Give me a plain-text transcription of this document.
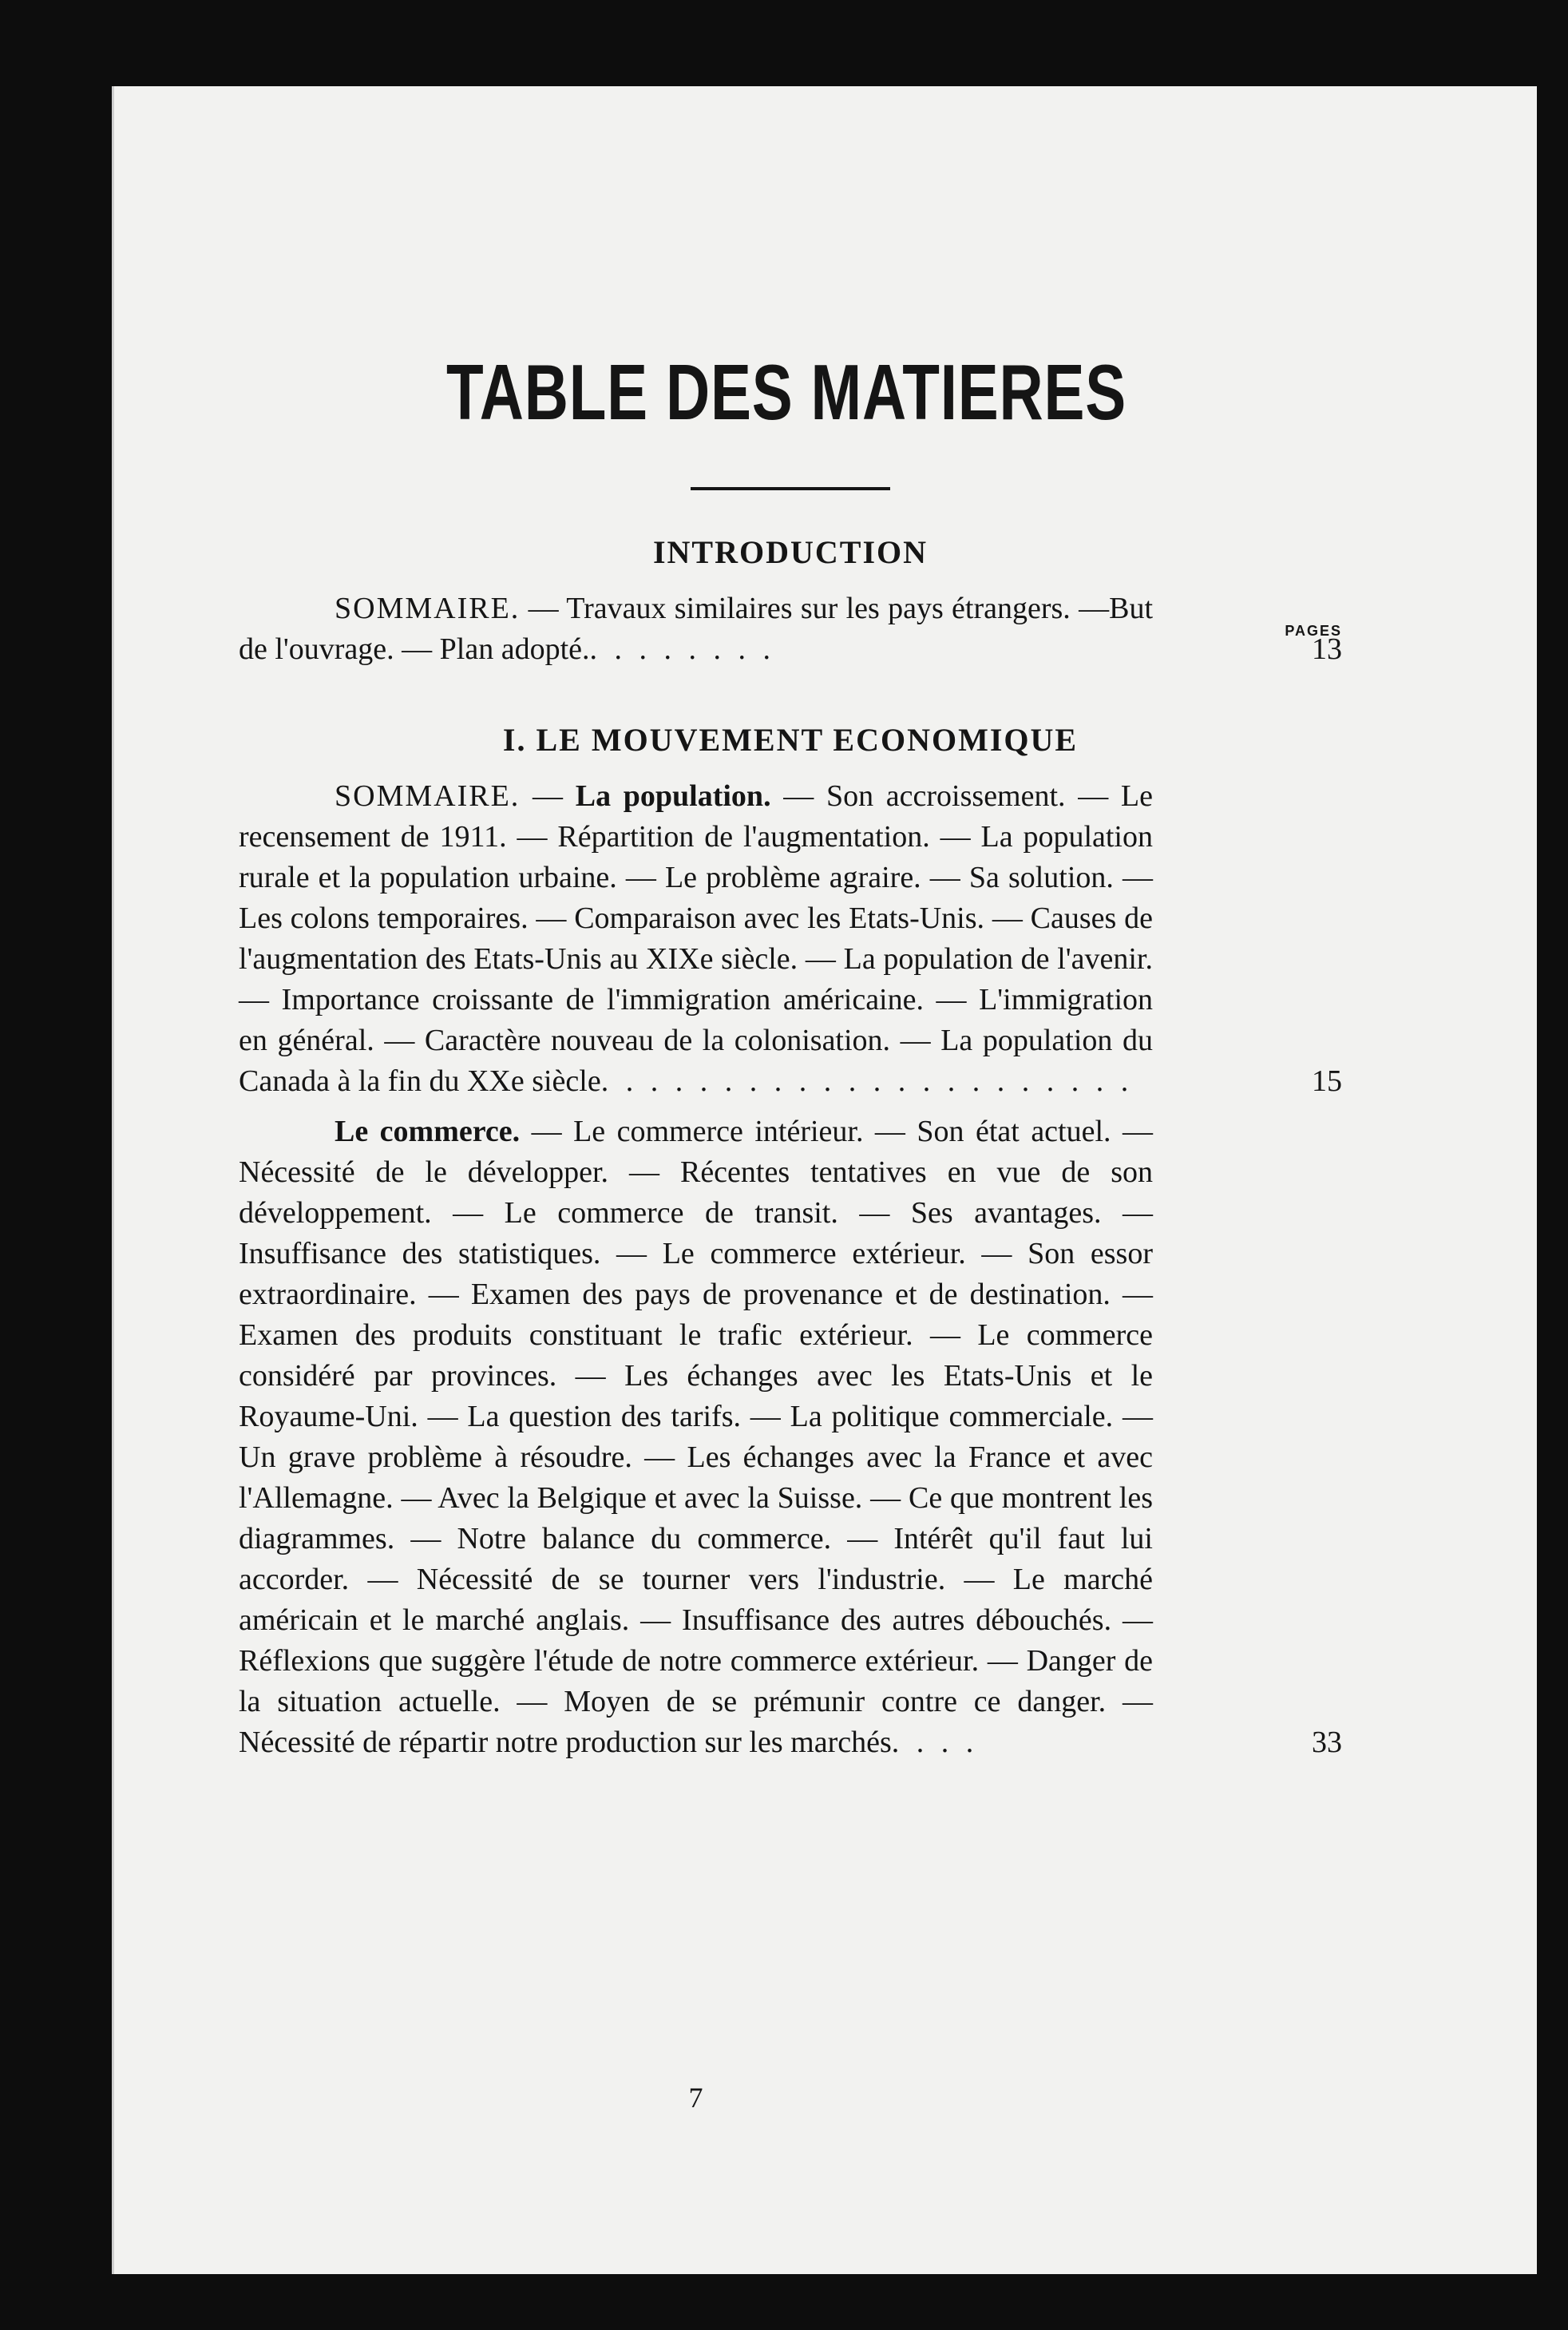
TABLE DES MATIERES
PAGES
INTRODUCTION

SOMMAIRE. — Travaux similaires sur les pays étrangers. —But de l'ouvrage. — Plan adopté.. . . . . . . .	13
I. LE MOUVEMENT ECONOMIQUE

SOMMAIRE. — La population. — Son accroissement. — Le recensement de 1911. — Répartition de l'augmentation. — La population rurale et la population urbaine. — Le problème agraire. — Sa solution. — Les colons temporaires. — Comparaison avec les Etats-Unis. — Causes de l'augmentation des Etats-Unis au XIXe siècle. — La population de l'avenir. — Importance croissante de l'immigration américaine. — L'immigration en général. — Caractère nouveau de la colonisation. — La population du Canada à la fin du XXe siècle. . . . . . . . . . . . . . . . . . . . . .	15

Le commerce. — Le commerce intérieur. — Son état actuel. — Nécessité de le développer. — Récentes tentatives en vue de son développement. — Le commerce de transit. — Ses avantages. — Insuffisance des statistiques. — Le commerce extérieur. — Son essor extraordinaire. — Examen des pays de provenance et de destination. — Examen des produits constituant le trafic extérieur. — Le commerce considéré par provinces. — Les échanges avec les Etats-Unis et le Royaume-Uni. — La question des tarifs. — La politique commerciale. — Un grave problème à résoudre. — Les échanges avec la France et avec l'Allemagne. — Avec la Belgique et avec la Suisse. — Ce que montrent les diagrammes. — Notre balance du commerce. — Intérêt qu'il faut lui accorder. — Nécessité de se tourner vers l'industrie. — Le marché américain et le marché anglais. — Insuffisance des autres débouchés. — Réflexions que suggère l'étude de notre commerce extérieur. — Danger de la situation actuelle. — Moyen de se prémunir contre ce danger. — Nécessité de répartir notre production sur les marchés. . . .	33
7
